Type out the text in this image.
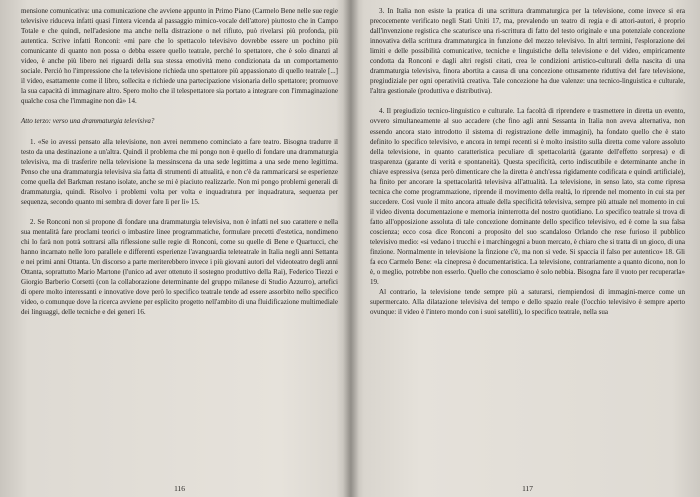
mensione comunicativa: una comunicazione che avviene appunto in Primo Piano (Carmelo Bene nelle sue regie televisive riduceva infatti quasi l'intera vicenda al passaggio mimico-vocale dell'attore) piuttosto che in Campo Totale e che quindi, nell'adesione ma anche nella distrazione o nel rifiuto, può rivelarsi più profonda, più autentica. Scrive infatti Ronconi: «mi pare che lo spettacolo televisivo dovrebbe essere un pochino più comunicante di quanto non possa o debba essere quello teatrale, perché lo spettatore, che è solo dinanzi al video, è anche più libero nei riguardi della sua stessa emotività meno condizionata da un comportamento sociale. Perciò ho l'impressione che la televisione richieda uno spettatore più appassionato di quello teatrale [...] il video, esattamente come il libro, sollecita e richiede una partecipazione visionaria dello spettatore; promuove la sua capacità di immaginare altro. Spero molto che il telespettatore sia portato a integrare con l'immaginazione qualche cosa che l'immagine non dà» 14.

Atto terzo: verso una drammaturgia televisiva?

1. «Se io avessi pensato alla televisione, non avrei nemmeno cominciato a fare teatro. Bisogna tradurre il testo da una destinazione a un'altra. Quindi il problema che mi pongo non è quello di fondare una drammaturgia televisiva, ma di trasferire nella televisione la messinscena da una sede legittima a una sede meno legittima. Penso che una drammaturgia televisiva sia fatta di strumenti di attualità, e non c'è da rammaricarsi se esperienze come quella del Barkman restano isolate, anche se mi è piaciuto realizzarle. Non mi pongo problemi generali di drammaturgia, quindi. Risolvo i problemi volta per volta e inquadratura per inquadratura, sequenza per sequenza, secondo quanto mi sembra di dover fare lì per lì» 15.

2. Se Ronconi non si propone di fondare una drammaturgia televisiva, non è infatti nel suo carattere e nella sua mentalità fare proclami teorici o imbastire linee programmatiche, formulare precetti d'estetica, nondimeno chi lo farà non potrà sottrarsi alla riflessione sulle regie di Ronconi, come su quelle di Bene e Quartucci, che hanno incarnato nelle loro parallele e differenti esperienze l'avanguardia teleteatrale in Italia negli anni Settanta e nei primi anni Ottanta. Un discorso a parte meriterebbero invece i più giovani autori del videoteatro degli anni Ottanta, soprattutto Mario Martone (l'unico ad aver ottenuto il sostegno produttivo della Rai), Federico Tiezzi e Giorgio Barberio Corsetti (con la collaborazione determinante del gruppo milanese di Studio Azzurro), artefici di opere molto interessanti e innovative dove però lo specifico teatrale tende ad essere assorbito nello specifico video, o comunque dove la ricerca avviene per esplicito progetto nell'ambito di una fluidificazione multimediale dei linguaggi, delle tecniche e dei generi 16.

116

3. In Italia non esiste la pratica di una scrittura drammaturgica per la televisione, come invece si era precocemente verificato negli Stati Uniti 17, ma, prevalendo un teatro di regia e di attori-autori, è proprio dall'invenzione registica che scaturisce una ri-scrittura di fatto del testo originale e una potenziale concezione innovativa della scrittura drammaturgica in funzione del mezzo televisivo. In altri termini, l'esplorazione dei limiti e delle possibilità comunicative, tecniche e linguistiche della televisione e del video, empiricamente condotta da Ronconi e dagli altri registi citati, crea le condizioni artistico-culturali della nascita di una drammaturgia televisiva, finora abortita a causa di una concezione ottusamente riduttiva del fare televisione, pregiudiziale per ogni operatività creativa. Tale concezione ha due valenze: una tecnico-linguistica e culturale, l'altra gestionale (produttiva e distributiva).

4. Il pregiudizio tecnico-linguistico e culturale. La facoltà di riprendere e trasmettere in diretta un evento, ovvero simultaneamente al suo accadere (che fino agli anni Sessanta in Italia non aveva alternativa, non essendo ancora stato introdotto il sistema di registrazione delle immagini), ha fondato quello che è stato definito lo specifico televisivo, e ancora in tempi recenti si è molto insistito sulla diretta come valore assoluto della televisione, in quanto caratteristica peculiare di spettacolarità (garante dell'effetto sorpresa) e di trasparenza (garante di verità e spontaneità). Questa specificità, certo indiscutibile e determinante anche in chiave espressiva (senza però dimenticare che la diretta è anch'essa rigidamente codificata e quindi artificiale), ha finito per ancorare la spettacolarità televisiva all'attualità. La televisione, in senso lato, sta come ripresa tecnica che come programmazione, riprende il movimento della realtà, lo riprende nel momento in cui sta per succedere. Così vuole il mito ancora attuale della specificità televisiva, sempre più attuale nel momento in cui il video diventa documentazione e memoria ininterrotta del nostro quotidiano. Lo specifico teatrale si trova di fatto all'opposizione assoluta di tale concezione dominante dello specifico televisivo, ed è come la sua falsa coscienza; ecco cosa dice Ronconi a proposito del suo scandaloso Orlando che rese furioso il pubblico televisivo medio: «si vedano i trucchi e i marchingegni a buon mercato, è chiaro che si tratta di un gioco, di una finzione. Normalmente in televisione la finzione c'è, ma non si vede. Si spaccia il falso per autentico» 18. Gli fa eco Carmelo Bene: «la cinepresa è documentaristica. La televisione, contrariamente a quanto dicono, non lo è, o meglio, potrebbe non esserlo. Quello che conosciamo è solo nebbia. Bisogna fare il vuoto per recuperarla» 19.

Al contrario, la televisione tende sempre più a saturarsi, riempiendosi di immagini-merce come un supermercato. Alla dilatazione televisiva del tempo e dello spazio reale (l'occhio televisivo è sempre aperto ovunque: il video è l'intero mondo con i suoi satelliti), lo specifico teatrale, nella sua

117
